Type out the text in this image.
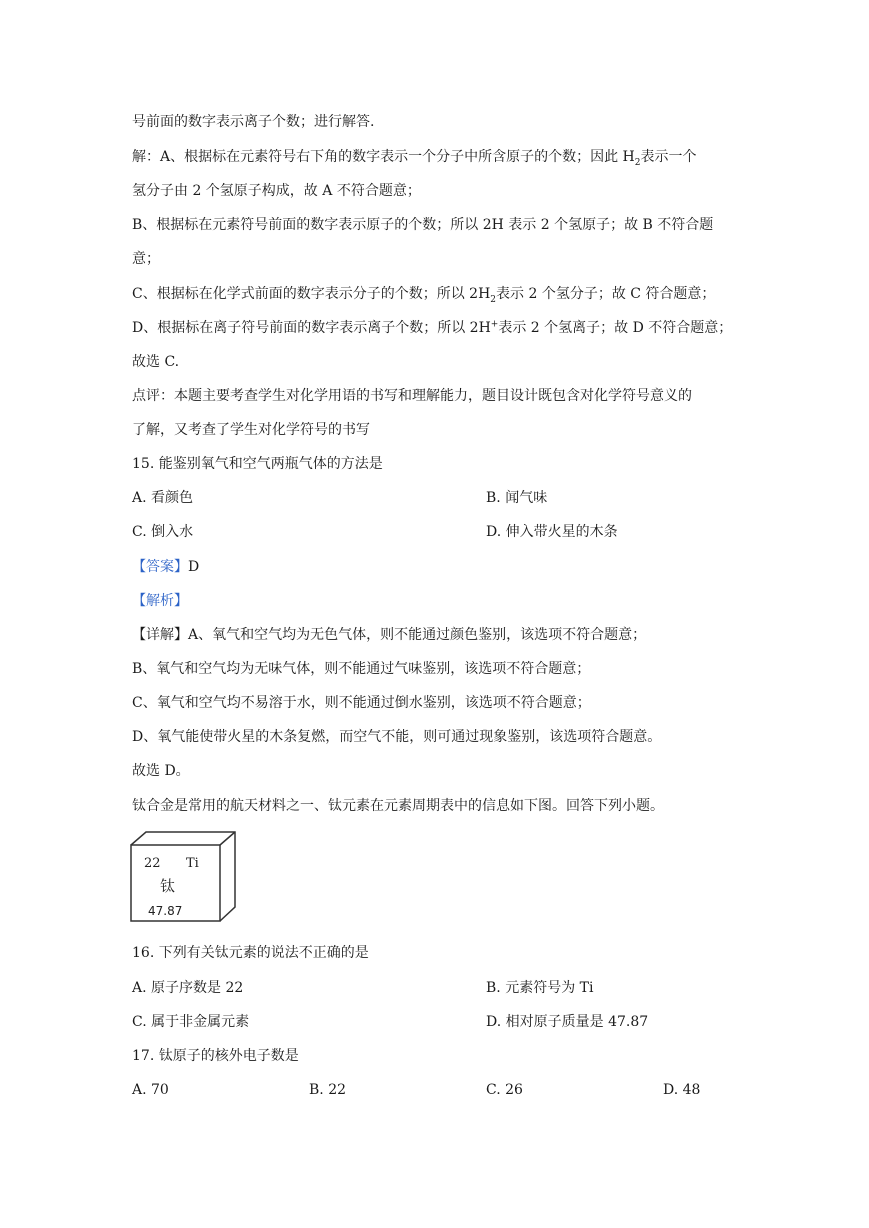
号前面的数字表示离子个数；进行解答.
解：A、根据标在元素符号右下角的数字表示一个分子中所含原子的个数；因此 $H_2$表示一个
氢分子由 2 个氢原子构成，故 A 不符合题意；
B、根据标在元素符号前面的数字表示原子的个数；所以 2H 表示 2 个氢原子；故 B 不符合题
意；
C、根据标在化学式前面的数字表示分子的个数；所以 $2H_2$表示 2 个氢分子；故 C 符合题意；
D、根据标在离子符号前面的数字表示离子个数；所以 2H+表示 2 个氢离子；故 D 不符合题意；
故选 C.
点评：本题主要考查学生对化学用语的书写和理解能力，题目设计既包含对化学符号意义的
了解，又考查了学生对化学符号的书写
15. 能鉴别氧气和空气两瓶气体的方法是
A. 看颜色	B. 闻气味
C. 倒入水	D. 伸入带火星的木条
【答案】D
【解析】
【详解】A、氧气和空气均为无色气体，则不能通过颜色鉴别，该选项不符合题意；
B、氧气和空气均为无味气体，则不能通过气味鉴别，该选项不符合题意；
C、氧气和空气均不易溶于水，则不能通过倒水鉴别，该选项不符合题意；
D、氧气能使带火星的木条复燃，而空气不能，则可通过现象鉴别，该选项符合题意。
故选 D。
钛合金是常用的航天材料之一、钛元素在元素周期表中的信息如下图。回答下列小题。
22 Ti
钛
47.87
16. 下列有关钛元素的说法不正确的是
A. 原子序数是 22	B. 元素符号为 Ti
C. 属于非金属元素	D. 相对原子质量是 47.87
17. 钛原子的核外电子数是
A. 70	B. 22	C. 26	D. 48
